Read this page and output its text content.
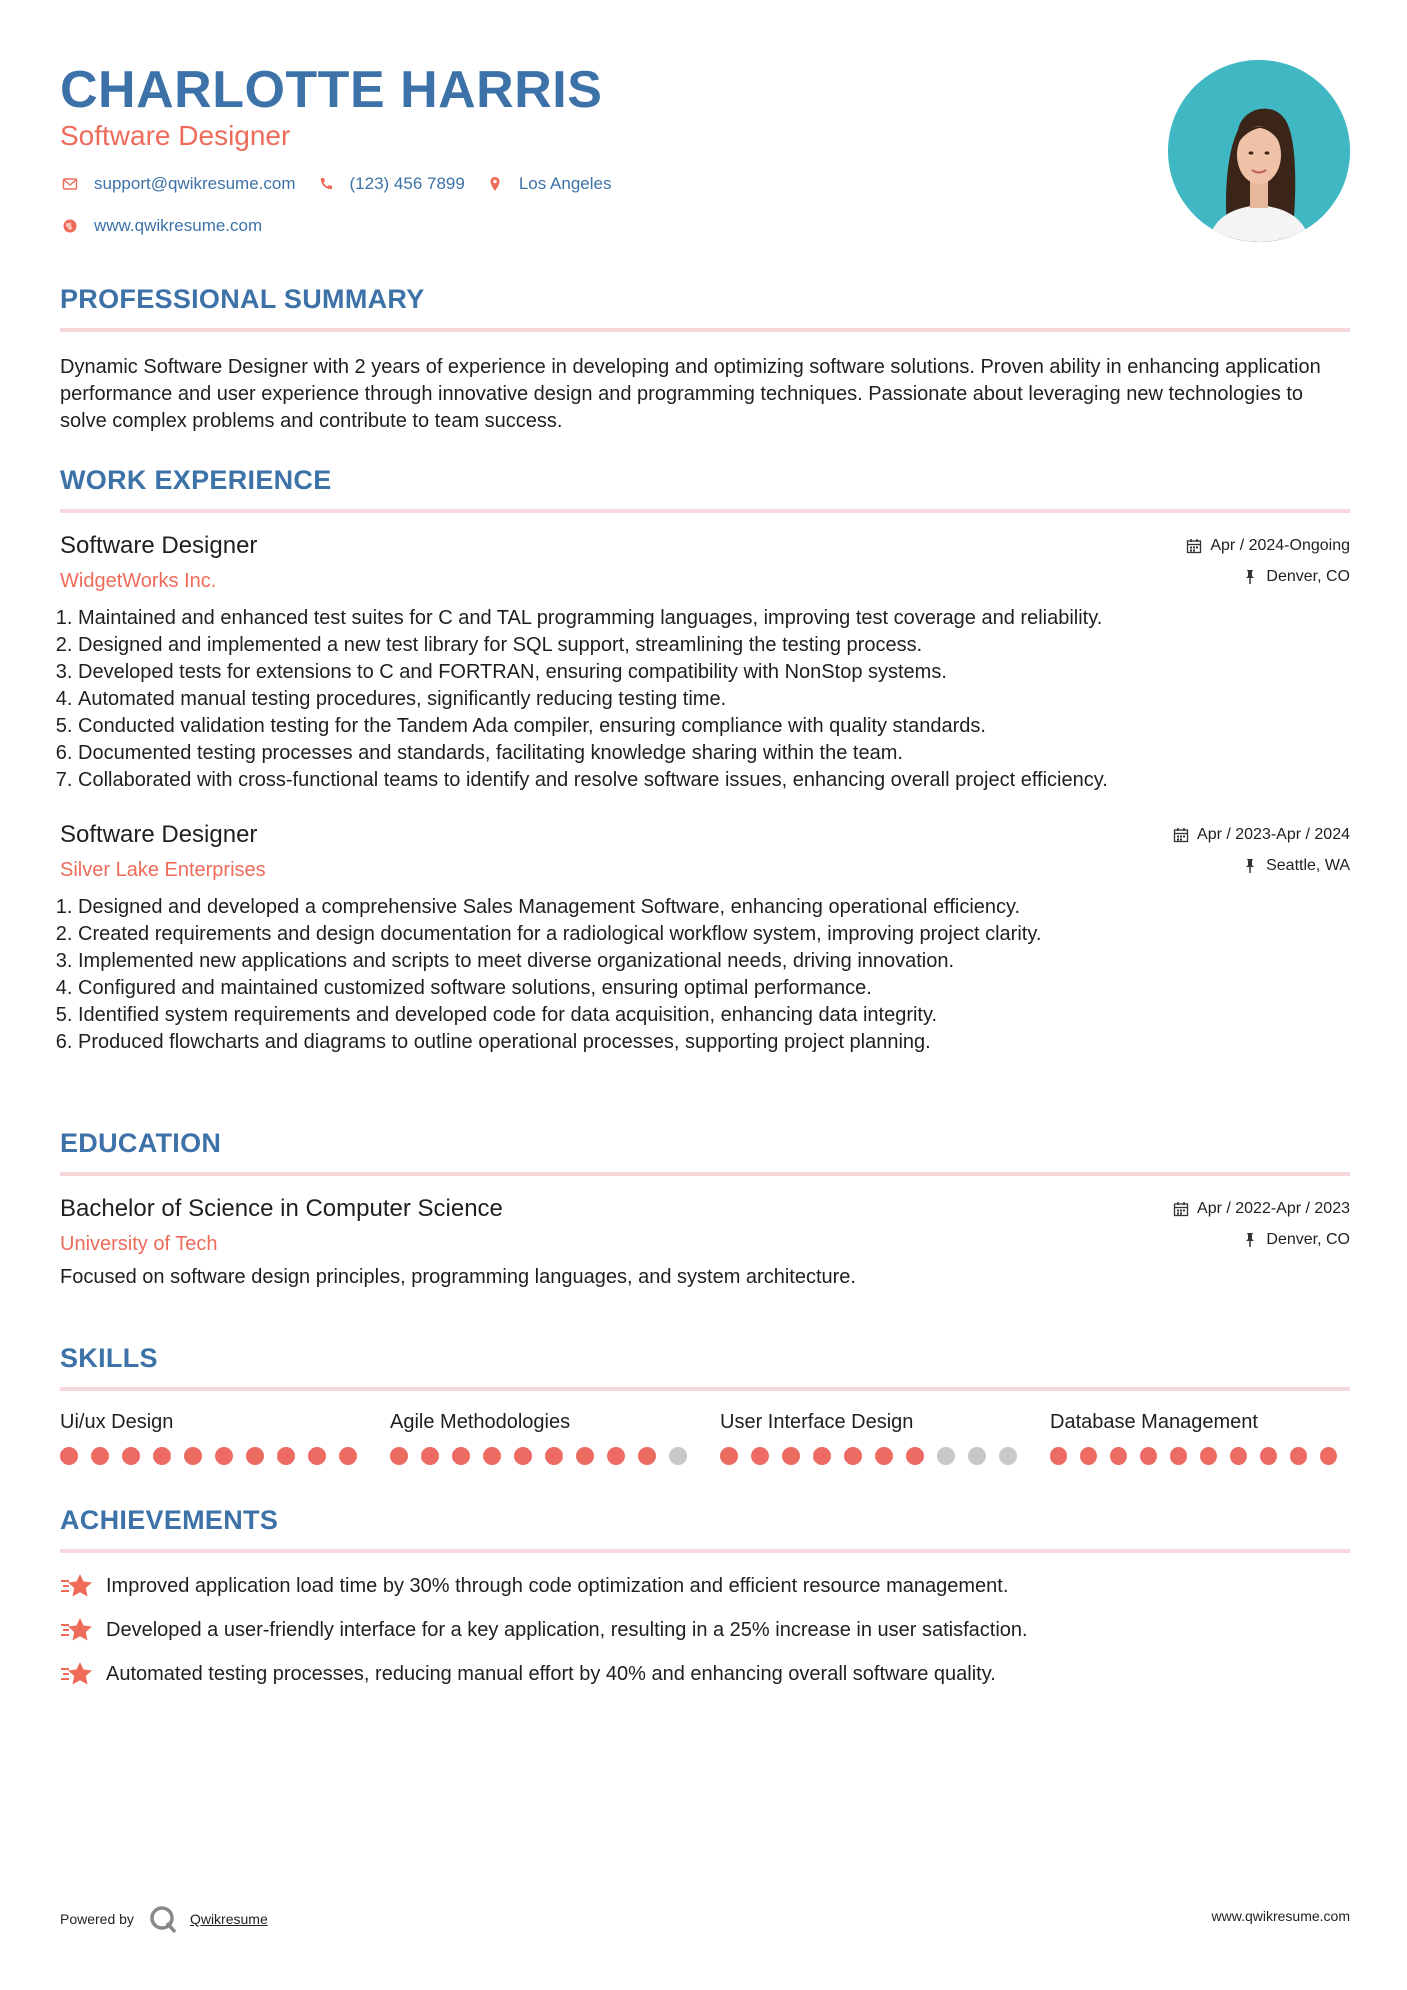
CHARLOTTE HARRIS
Software Designer
support@qwikresume.com	(123) 456 7899	Los Angeles
www.qwikresume.com
PROFESSIONAL SUMMARY
Dynamic Software Designer with 2 years of experience in developing and optimizing software solutions. Proven ability in enhancing application performance and user experience through innovative design and programming techniques. Passionate about leveraging new technologies to solve complex problems and contribute to team success.
WORK EXPERIENCE
Software Designer
WidgetWorks Inc.
Apr / 2024-Ongoing
Denver, CO
1. Maintained and enhanced test suites for C and TAL programming languages, improving test coverage and reliability.
2. Designed and implemented a new test library for SQL support, streamlining the testing process.
3. Developed tests for extensions to C and FORTRAN, ensuring compatibility with NonStop systems.
4. Automated manual testing procedures, significantly reducing testing time.
5. Conducted validation testing for the Tandem Ada compiler, ensuring compliance with quality standards.
6. Documented testing processes and standards, facilitating knowledge sharing within the team.
7. Collaborated with cross-functional teams to identify and resolve software issues, enhancing overall project efficiency.
Software Designer
Silver Lake Enterprises
Apr / 2023-Apr / 2024
Seattle, WA
1. Designed and developed a comprehensive Sales Management Software, enhancing operational efficiency.
2. Created requirements and design documentation for a radiological workflow system, improving project clarity.
3. Implemented new applications and scripts to meet diverse organizational needs, driving innovation.
4. Configured and maintained customized software solutions, ensuring optimal performance.
5. Identified system requirements and developed code for data acquisition, enhancing data integrity.
6. Produced flowcharts and diagrams to outline operational processes, supporting project planning.
EDUCATION
Bachelor of Science in Computer Science
University of Tech
Apr / 2022-Apr / 2023
Denver, CO
Focused on software design principles, programming languages, and system architecture.
SKILLS
Ui/ux Design	Agile Methodologies	User Interface Design	Database Management
ACHIEVEMENTS
Improved application load time by 30% through code optimization and efficient resource management.
Developed a user-friendly interface for a key application, resulting in a 25% increase in user satisfaction.
Automated testing processes, reducing manual effort by 40% and enhancing overall software quality.
Powered by	Qwikresume	www.qwikresume.com
